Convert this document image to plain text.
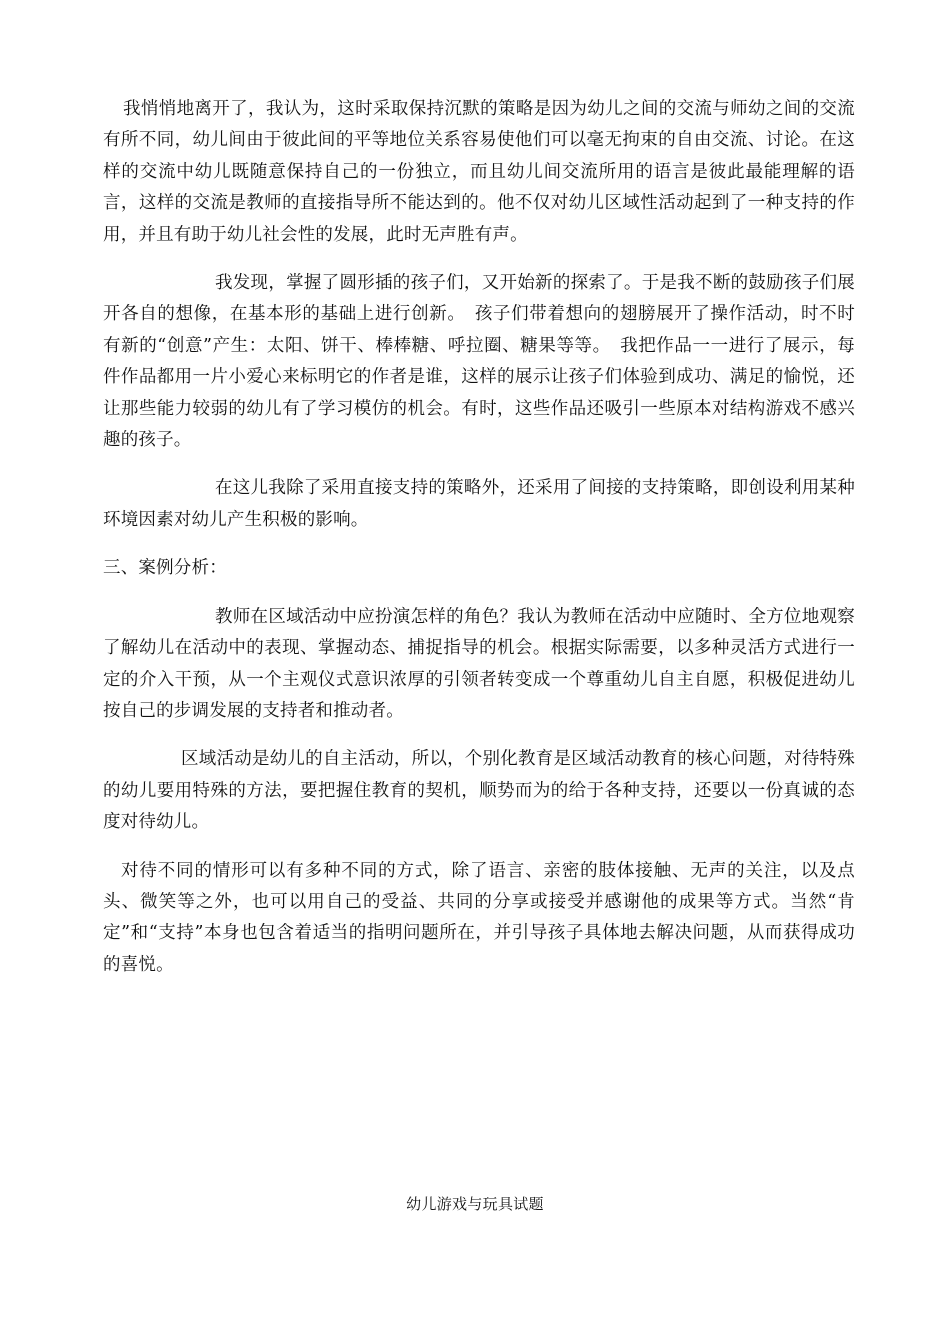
我悄悄地离开了，我认为，这时采取保持沉默的策略是因为幼儿之间的交流与师幼之间的交流有所不同，幼儿间由于彼此间的平等地位关系容易使他们可以毫无拘束的自由交流、讨论。在这样的交流中幼儿既随意保持自己的一份独立，而且幼儿间交流所用的语言是彼此最能理解的语言，这样的交流是教师的直接指导所不能达到的。他不仅对幼儿区域性活动起到了一种支持的作用，并且有助于幼儿社会性的发展，此时无声胜有声。

我发现，掌握了圆形插的孩子们，又开始新的探索了。于是我不断的鼓励孩子们展开各自的想像，在基本形的基础上进行创新。　孩子们带着想向的翅膀展开了操作活动，时不时有新的“创意”产生：太阳、饼干、棒棒糖、呼拉圈、糖果等等。　我把作品一一进行了展示，每件作品都用一片小爱心来标明它的作者是谁，这样的展示让孩子们体验到成功、满足的愉悦，还让那些能力较弱的幼儿有了学习模仿的机会。有时，这些作品还吸引一些原本对结构游戏不感兴趣的孩子。

在这儿我除了采用直接支持的策略外，还采用了间接的支持策略，即创设利用某种环境因素对幼儿产生积极的影响。

三、案例分析：

教师在区域活动中应扮演怎样的角色？我认为教师在活动中应随时、全方位地观察了解幼儿在活动中的表现、掌握动态、捕捉指导的机会。根据实际需要，以多种灵活方式进行一定的介入干预，从一个主观仪式意识浓厚的引领者转变成一个尊重幼儿自主自愿，积极促进幼儿按自己的步调发展的支持者和推动者。

区域活动是幼儿的自主活动，所以，个别化教育是区域活动教育的核心问题，对待特殊的幼儿要用特殊的方法，要把握住教育的契机，顺势而为的给于各种支持，还要以一份真诚的态度对待幼儿。

对待不同的情形可以有多种不同的方式，除了语言、亲密的肢体接触、无声的关注，以及点头、微笑等之外，也可以用自己的受益、共同的分享或接受并感谢他的成果等方式。当然“肯定”和“支持”本身也包含着适当的指明问题所在，并引导孩子具体地去解决问题，从而获得成功的喜悦。

幼儿游戏与玩具试题
